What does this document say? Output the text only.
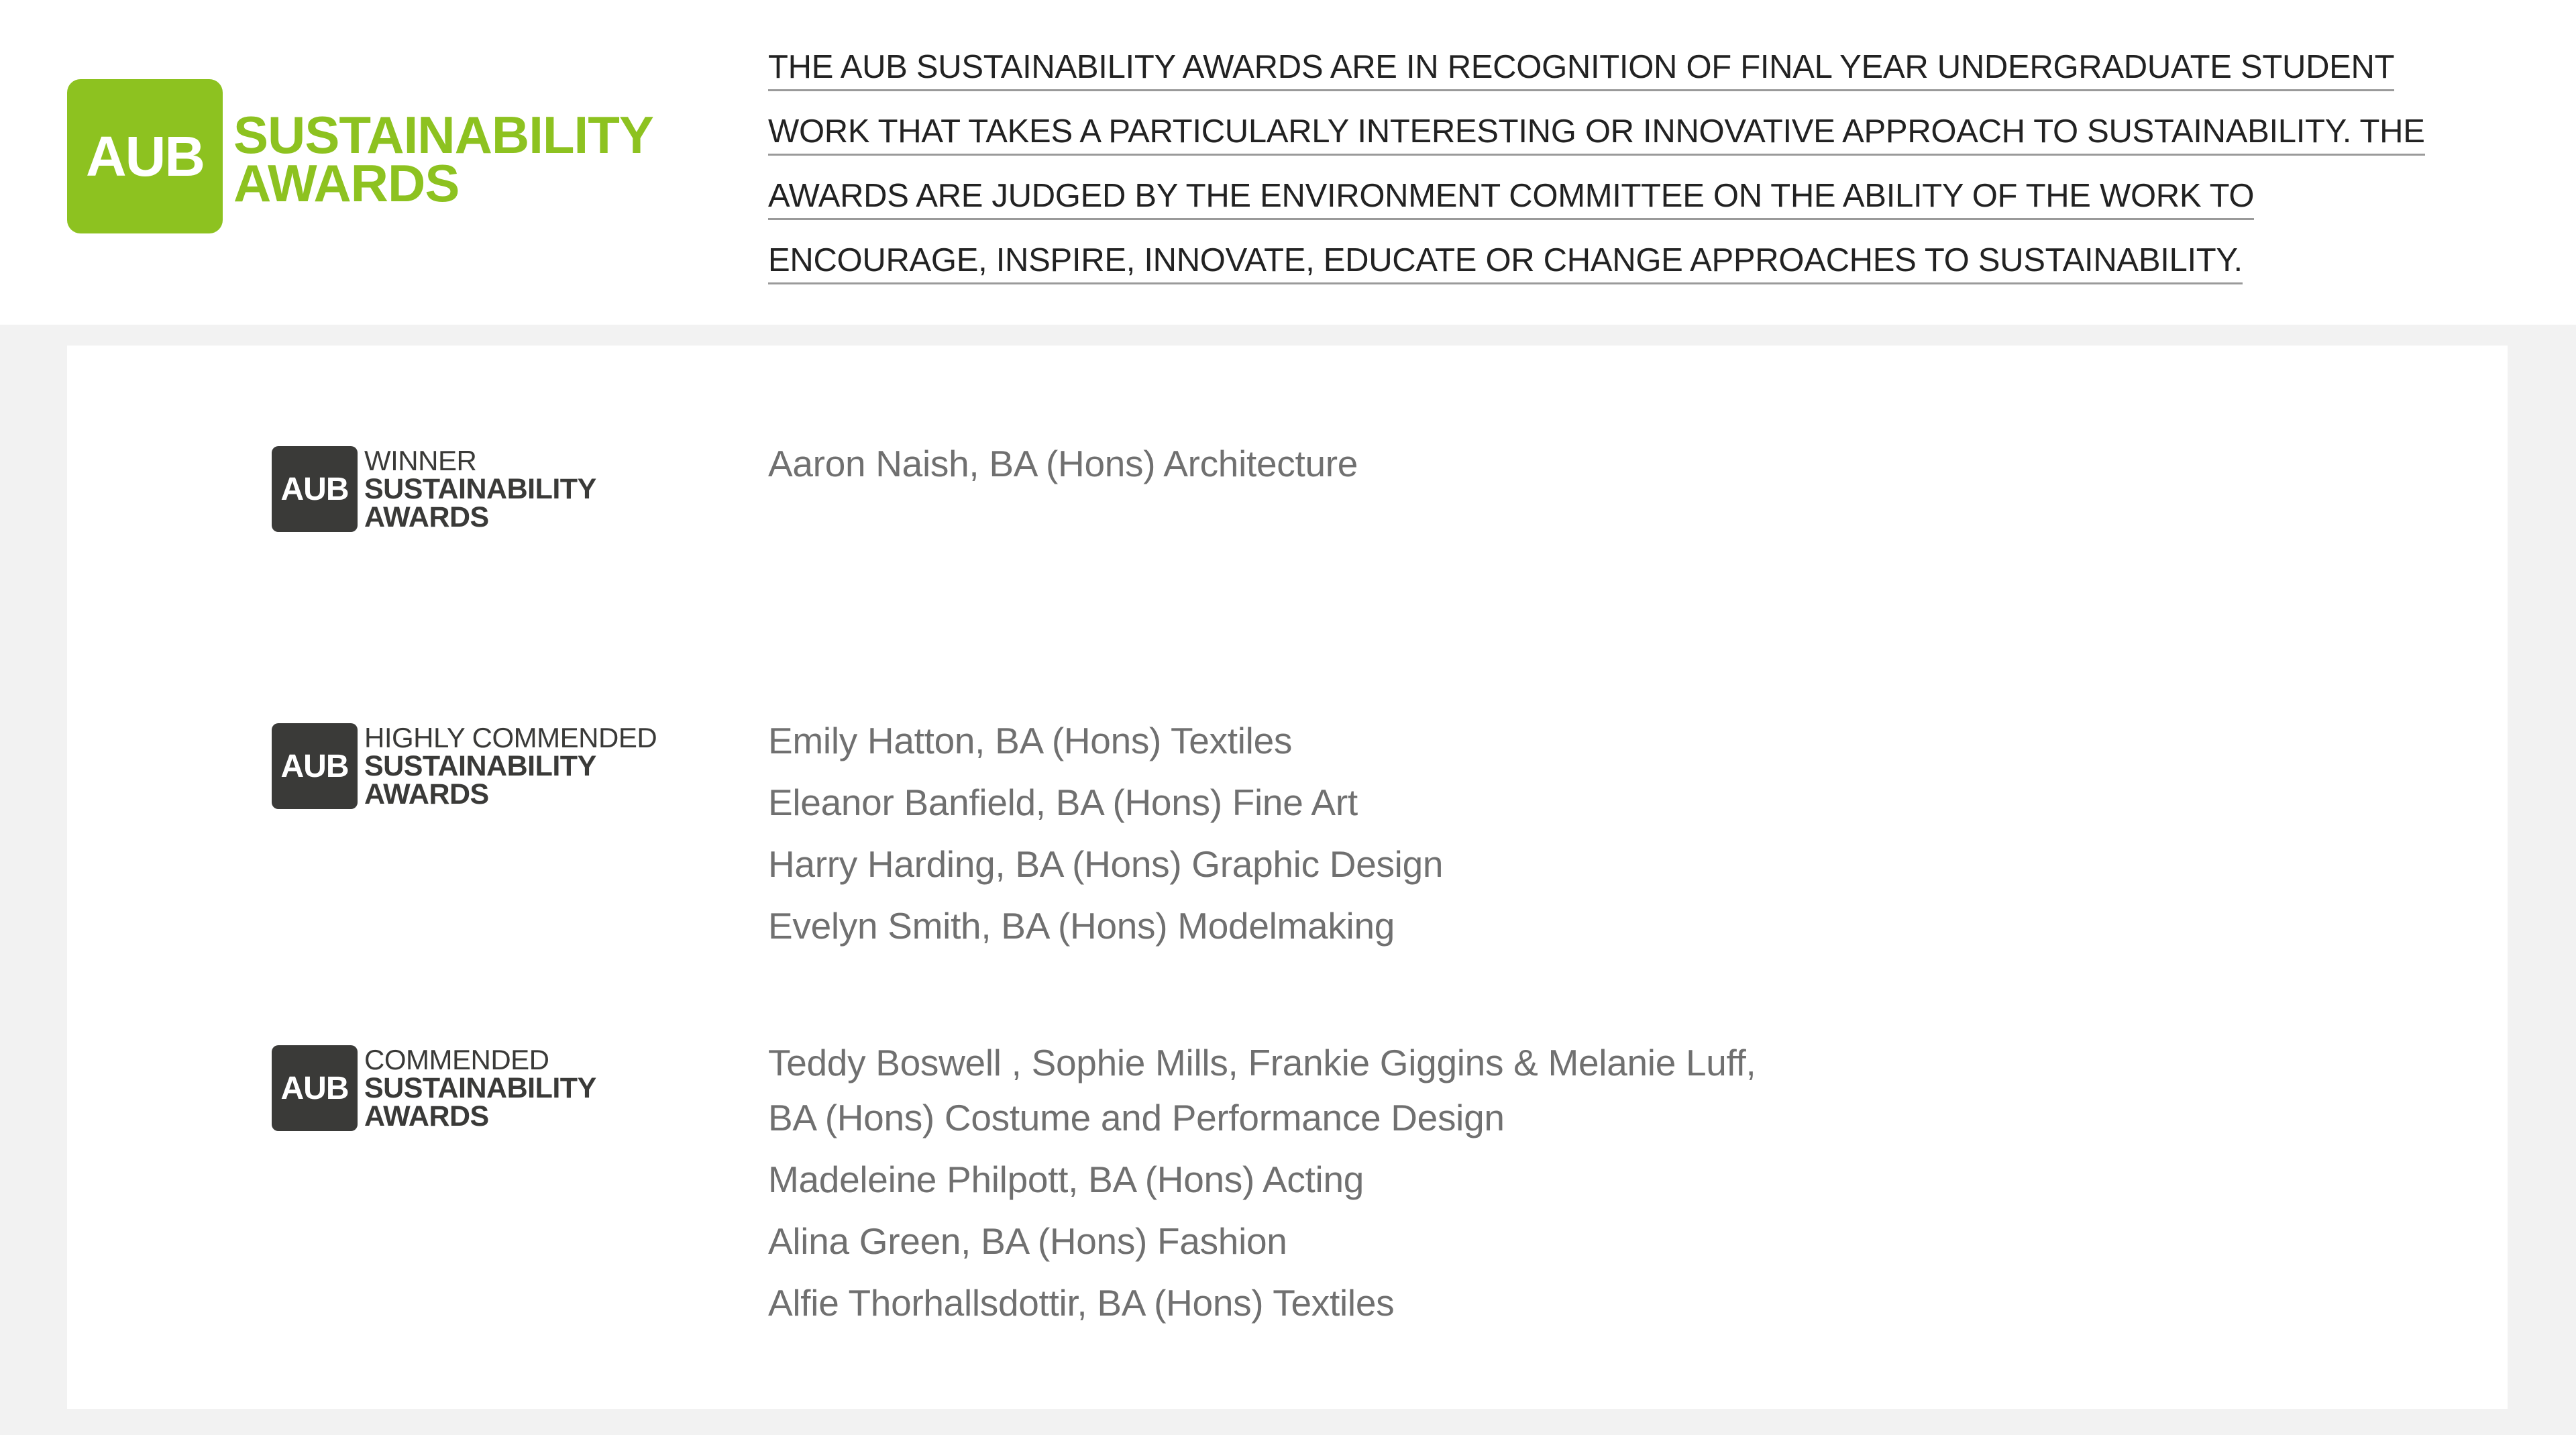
AUB SUSTAINABILITY
AWARDS

THE AUB SUSTAINABILITY AWARDS ARE IN RECOGNITION OF FINAL YEAR UNDERGRADUATE STUDENT WORK THAT TAKES A PARTICULARLY INTERESTING OR INNOVATIVE APPROACH TO SUSTAINABILITY. THE AWARDS ARE JUDGED BY THE ENVIRONMENT COMMITTEE ON THE ABILITY OF THE WORK TO ENCOURAGE, INSPIRE, INNOVATE, EDUCATE OR CHANGE APPROACHES TO SUSTAINABILITY.

AUB
WINNER
SUSTAINABILITY
AWARDS
Aaron Naish, BA (Hons) Architecture
AUB
HIGHLY COMMENDED
SUSTAINABILITY
AWARDS
Emily Hatton, BA (Hons) Textiles
Eleanor Banfield, BA (Hons) Fine Art
Harry Harding, BA (Hons) Graphic Design
Evelyn Smith, BA (Hons) Modelmaking
AUB
COMMENDED
SUSTAINABILITY
AWARDS
Teddy Boswell , Sophie Mills, Frankie Giggins & Melanie Luff,
BA (Hons) Costume and Performance Design
Madeleine Philpott, BA (Hons) Acting
Alina Green, BA (Hons) Fashion
Alfie Thorhallsdottir, BA (Hons) Textiles
